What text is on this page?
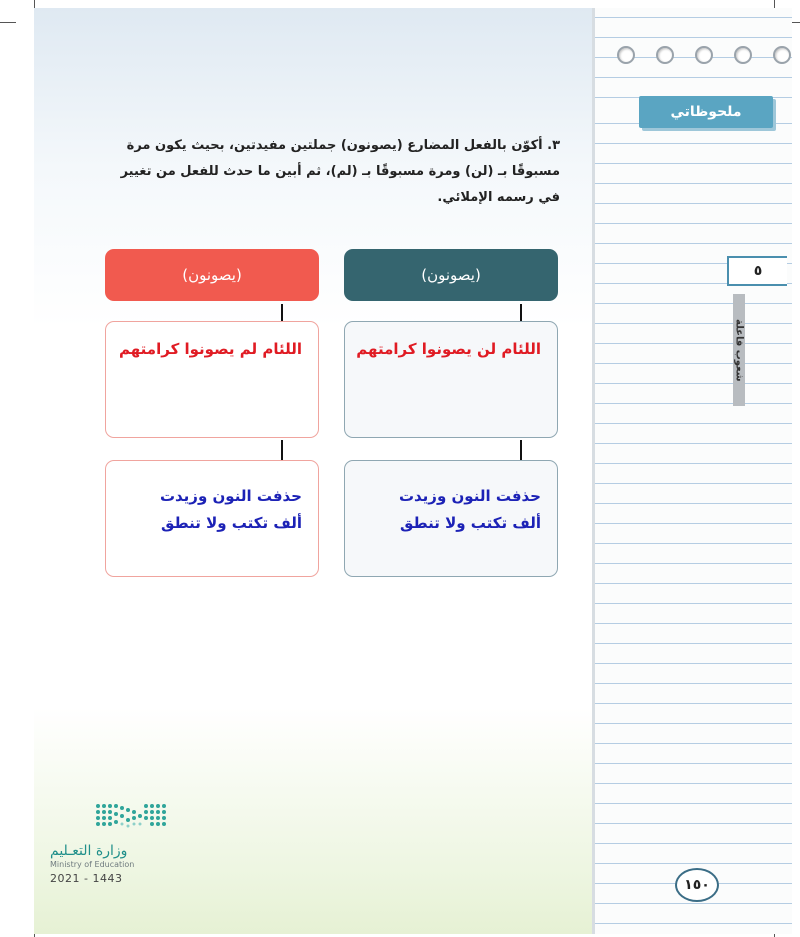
ملحوظاتي
٥
شعوب فاعلة
١٥٠
٣. أكوّن بالفعل المضارع (يصونون) جملتين مفيدتين، بحيث يكون مرة مسبوقًا بـ (لن) ومرة مسبوقًا بـ (لم)، ثم أبين ما حدث للفعل من تغيير في رسمه الإملائي.
(يصونون)
(يصونون)
اللئام لن يصونوا كرامتهم
اللئام لم يصونوا كرامتهم
حذفت النون وزيدت
ألف تكتب ولا تنطق
حذفت النون وزيدت
ألف تكتب ولا تنطق
وزارة التعـليم
Ministry of Education
2021 - 1443
